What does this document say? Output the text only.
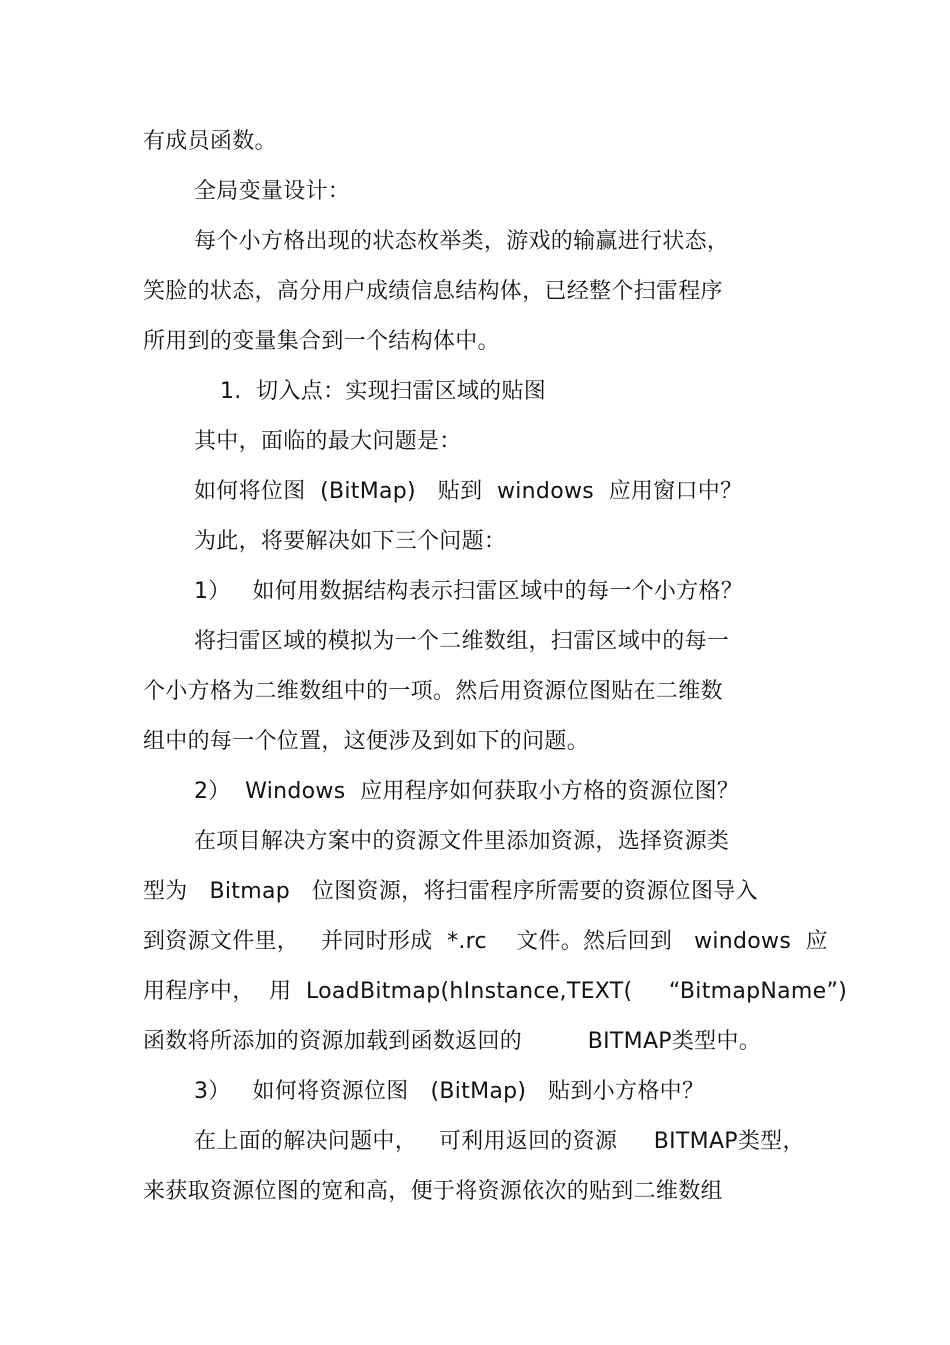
有成员函数。
全局变量设计：
每个小方格出现的状态枚举类，游戏的输赢进行状态，
笑脸的状态，高分用户成绩信息结构体，已经整个扫雷程序
所用到的变量集合到一个结构体中。
1.  切入点：实现扫雷区域的贴图
其中，面临的最大问题是：
如何将位图  (BitMap)   贴到  windows  应用窗口中？
为此，将要解决如下三个问题：
1）   如何用数据结构表示扫雷区域中的每一个小方格？
将扫雷区域的模拟为一个二维数组，扫雷区域中的每一
个小方格为二维数组中的一项。然后用资源位图贴在二维数
组中的每一个位置，这便涉及到如下的问题。
2）  Windows  应用程序如何获取小方格的资源位图？
在项目解决方案中的资源文件里添加资源，选择资源类
型为   Bitmap   位图资源，将扫雷程序所需要的资源位图导入
到资源文件里，   并同时形成  *.rc    文件。然后回到   windows  应
用程序中，  用  LoadBitmap(hInstance,TEXT(     “BitmapName”)
函数将所添加的资源加载到函数返回的         BITMAP类型中。
3）   如何将资源位图   (BitMap)   贴到小方格中？
在上面的解决问题中，   可利用返回的资源     BITMAP类型，
来获取资源位图的宽和高，便于将资源依次的贴到二维数组
